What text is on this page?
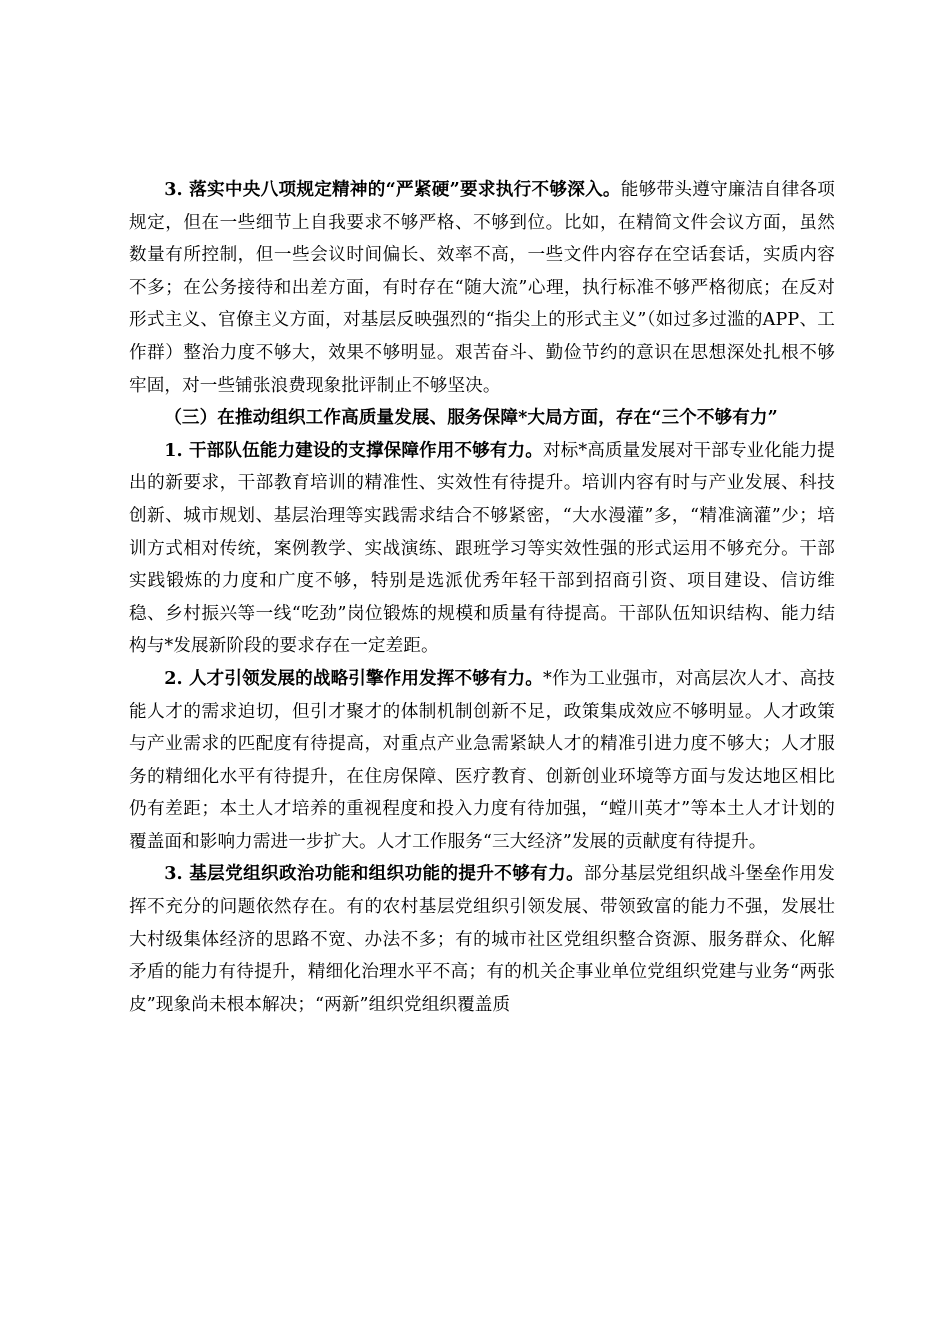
3. 落实中央八项规定精神的“严紧硬”要求执行不够深入。能够带头遵守廉洁自律各项规定，但在一些细节上自我要求不够严格、不够到位。比如，在精简文件会议方面，虽然数量有所控制，但一些会议时间偏长、效率不高，一些文件内容存在空话套话，实质内容不多；在公务接待和出差方面，有时存在“随大流”心理，执行标准不够严格彻底；在反对形式主义、官僚主义方面，对基层反映强烈的“指尖上的形式主义”（如过多过滥的APP、工作群）整治力度不够大，效果不够明显。艰苦奋斗、勤俭节约的意识在思想深处扎根不够牢固，对一些铺张浪费现象批评制止不够坚决。

（三）在推动组织工作高质量发展、服务保障*大局方面，存在“三个不够有力”

1. 干部队伍能力建设的支撑保障作用不够有力。对标*高质量发展对干部专业化能力提出的新要求，干部教育培训的精准性、实效性有待提升。培训内容有时与产业发展、科技创新、城市规划、基层治理等实践需求结合不够紧密，“大水漫灌”多，“精准滴灌”少；培训方式相对传统，案例教学、实战演练、跟班学习等实效性强的形式运用不够充分。干部实践锻炼的力度和广度不够，特别是选派优秀年轻干部到招商引资、项目建设、信访维稳、乡村振兴等一线“吃劲”岗位锻炼的规模和质量有待提高。干部队伍知识结构、能力结构与*发展新阶段的要求存在一定差距。

2. 人才引领发展的战略引擎作用发挥不够有力。*作为工业强市，对高层次人才、高技能人才的需求迫切，但引才聚才的体制机制创新不足，政策集成效应不够明显。人才政策与产业需求的匹配度有待提高，对重点产业急需紧缺人才的精准引进力度不够大；人才服务的精细化水平有待提升，在住房保障、医疗教育、创新创业环境等方面与发达地区相比仍有差距；本土人才培养的重视程度和投入力度有待加强，“螳川英才”等本土人才计划的覆盖面和影响力需进一步扩大。人才工作服务“三大经济”发展的贡献度有待提升。

3. 基层党组织政治功能和组织功能的提升不够有力。部分基层党组织战斗堡垒作用发挥不充分的问题依然存在。有的农村基层党组织引领发展、带领致富的能力不强，发展壮大村级集体经济的思路不宽、办法不多；有的城市社区党组织整合资源、服务群众、化解矛盾的能力有待提升，精细化治理水平不高；有的机关企事业单位党组织党建与业务“两张皮”现象尚未根本解决；“两新”组织党组织覆盖质
